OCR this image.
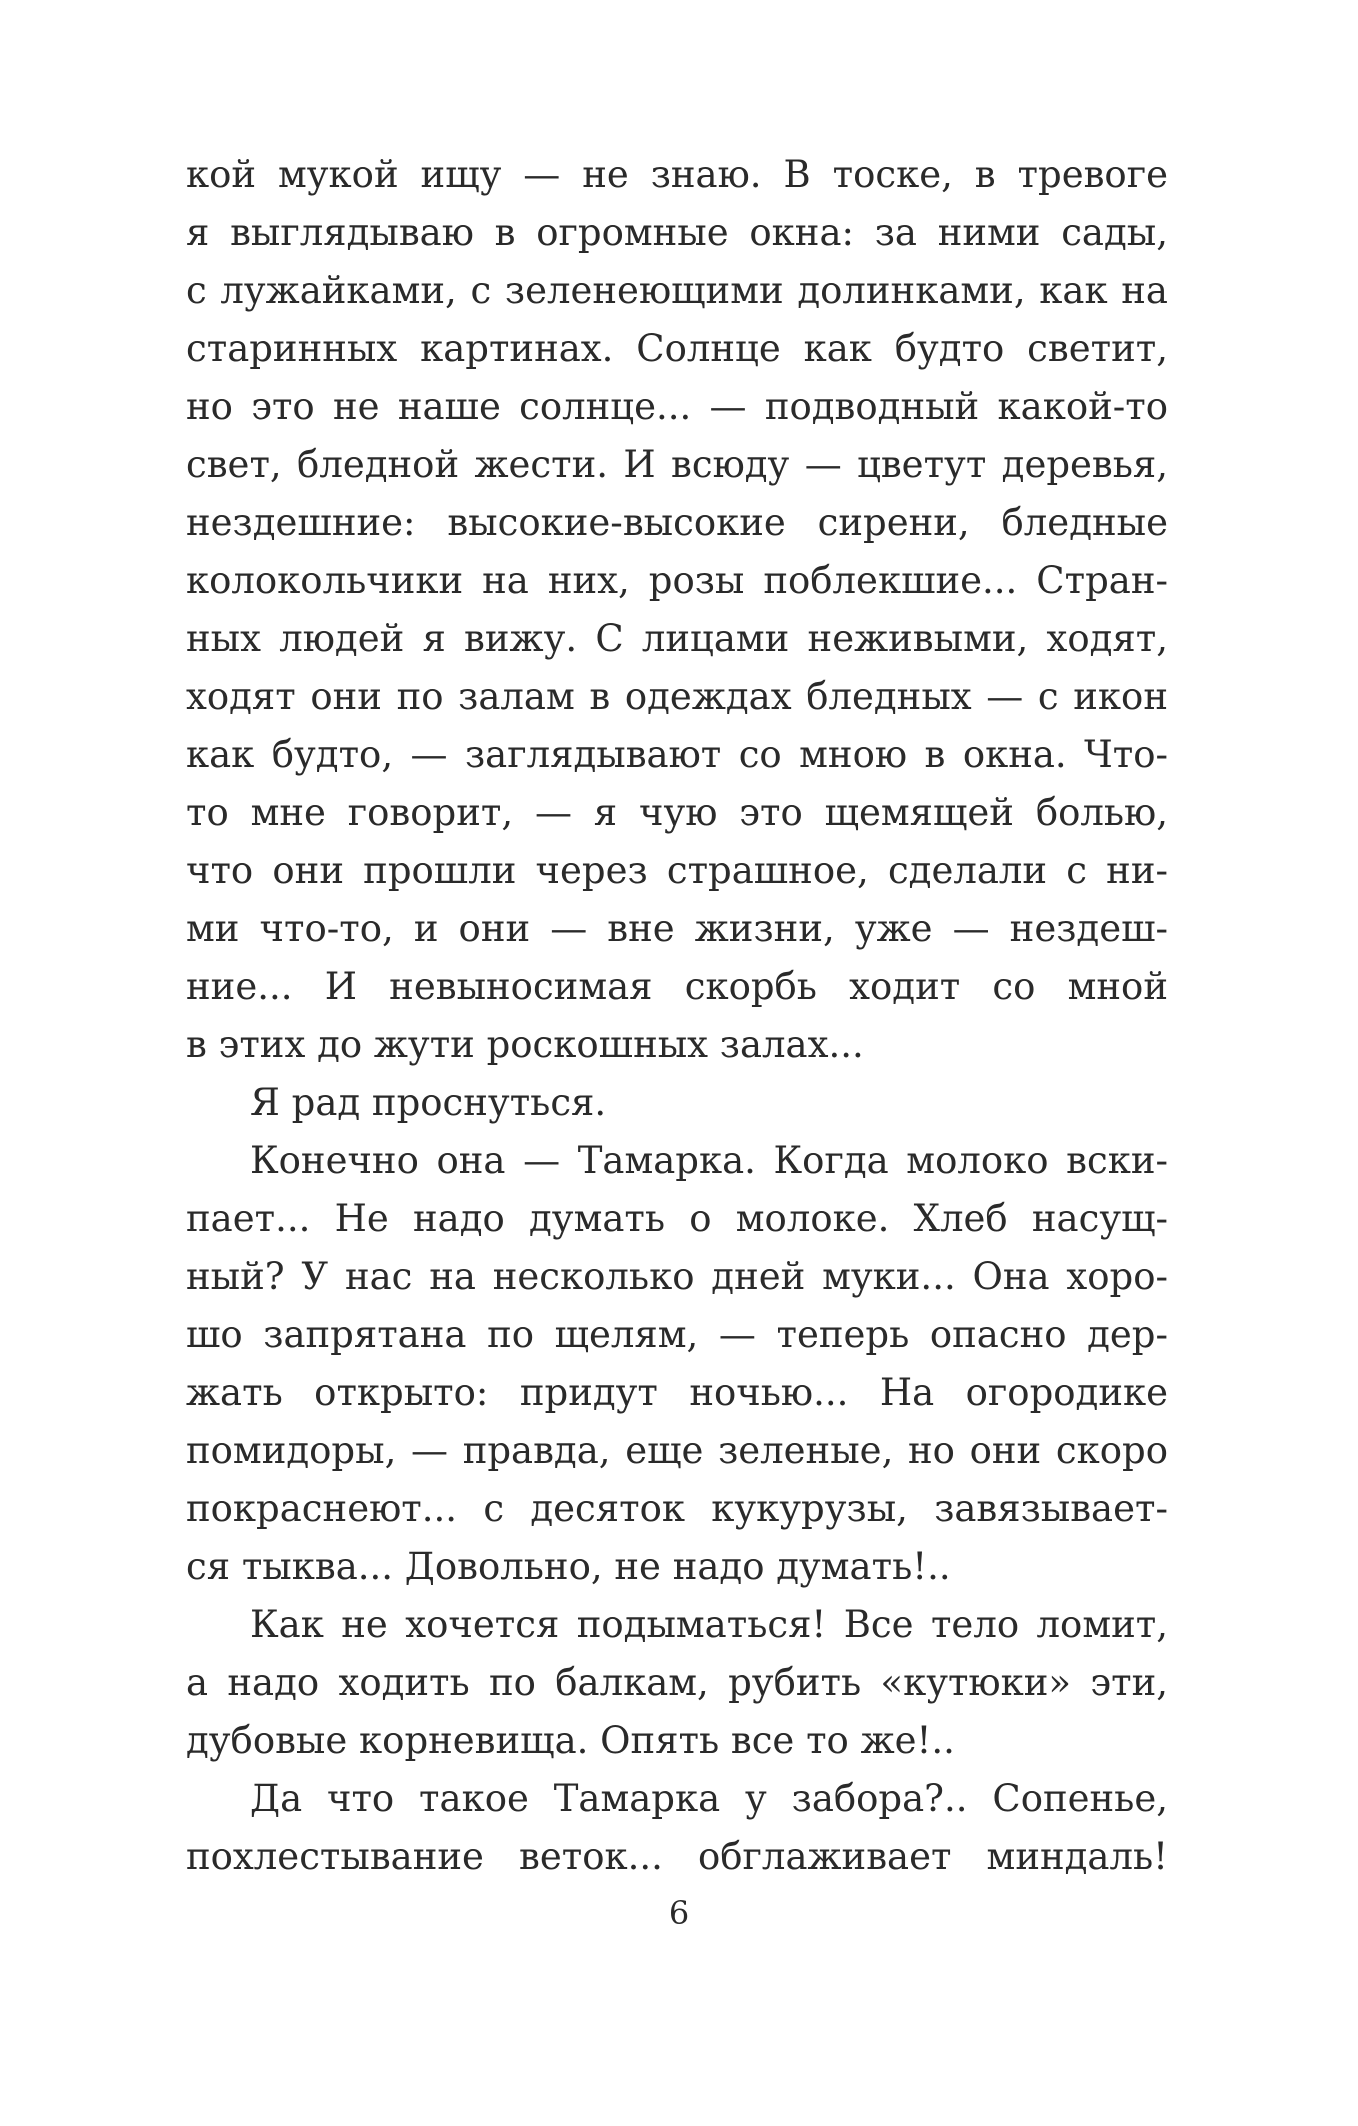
кой мукой ищу — не знаю. В тоске, в тревоге
я выглядываю в огромные окна: за ними сады,
с лужайками, с зеленеющими долинками, как на
старинных картинах. Солнце как будто светит,
но это не наше солнце... — подводный какой-то
свет, бледной жести. И всюду — цветут деревья,
нездешние: высокие-высокие сирени, бледные
колокольчики на них, розы поблекшие... Стран-
ных людей я вижу. С лицами неживыми, ходят,
ходят они по залам в одеждах бледных — с икон
как будто, — заглядывают со мною в окна. Что-
то мне говорит, — я чую это щемящей болью,
что они прошли через страшное, сделали с ни-
ми что-то, и они — вне жизни, уже — нездеш-
ние... И невыносимая скорбь ходит со мной
в этих до жути роскошных залах...
Я рад проснуться.
Конечно она — Тамарка. Когда молоко вски-
пает... Не надо думать о молоке. Хлеб насущ-
ный? У нас на несколько дней муки... Она хоро-
шо запрятана по щелям, — теперь опасно дер-
жать открыто: придут ночью... На огородике
помидоры, — правда, еще зеленые, но они скоро
покраснеют... с десяток кукурузы, завязывает-
ся тыква... Довольно, не надо думать!..
Как не хочется подыматься! Все тело ломит,
а надо ходить по балкам, рубить «кутюки» эти,
дубовые корневища. Опять все то же!..
Да что такое Тамарка у забора?.. Сопенье,
похлестывание веток... обглаживает миндаль!
6
